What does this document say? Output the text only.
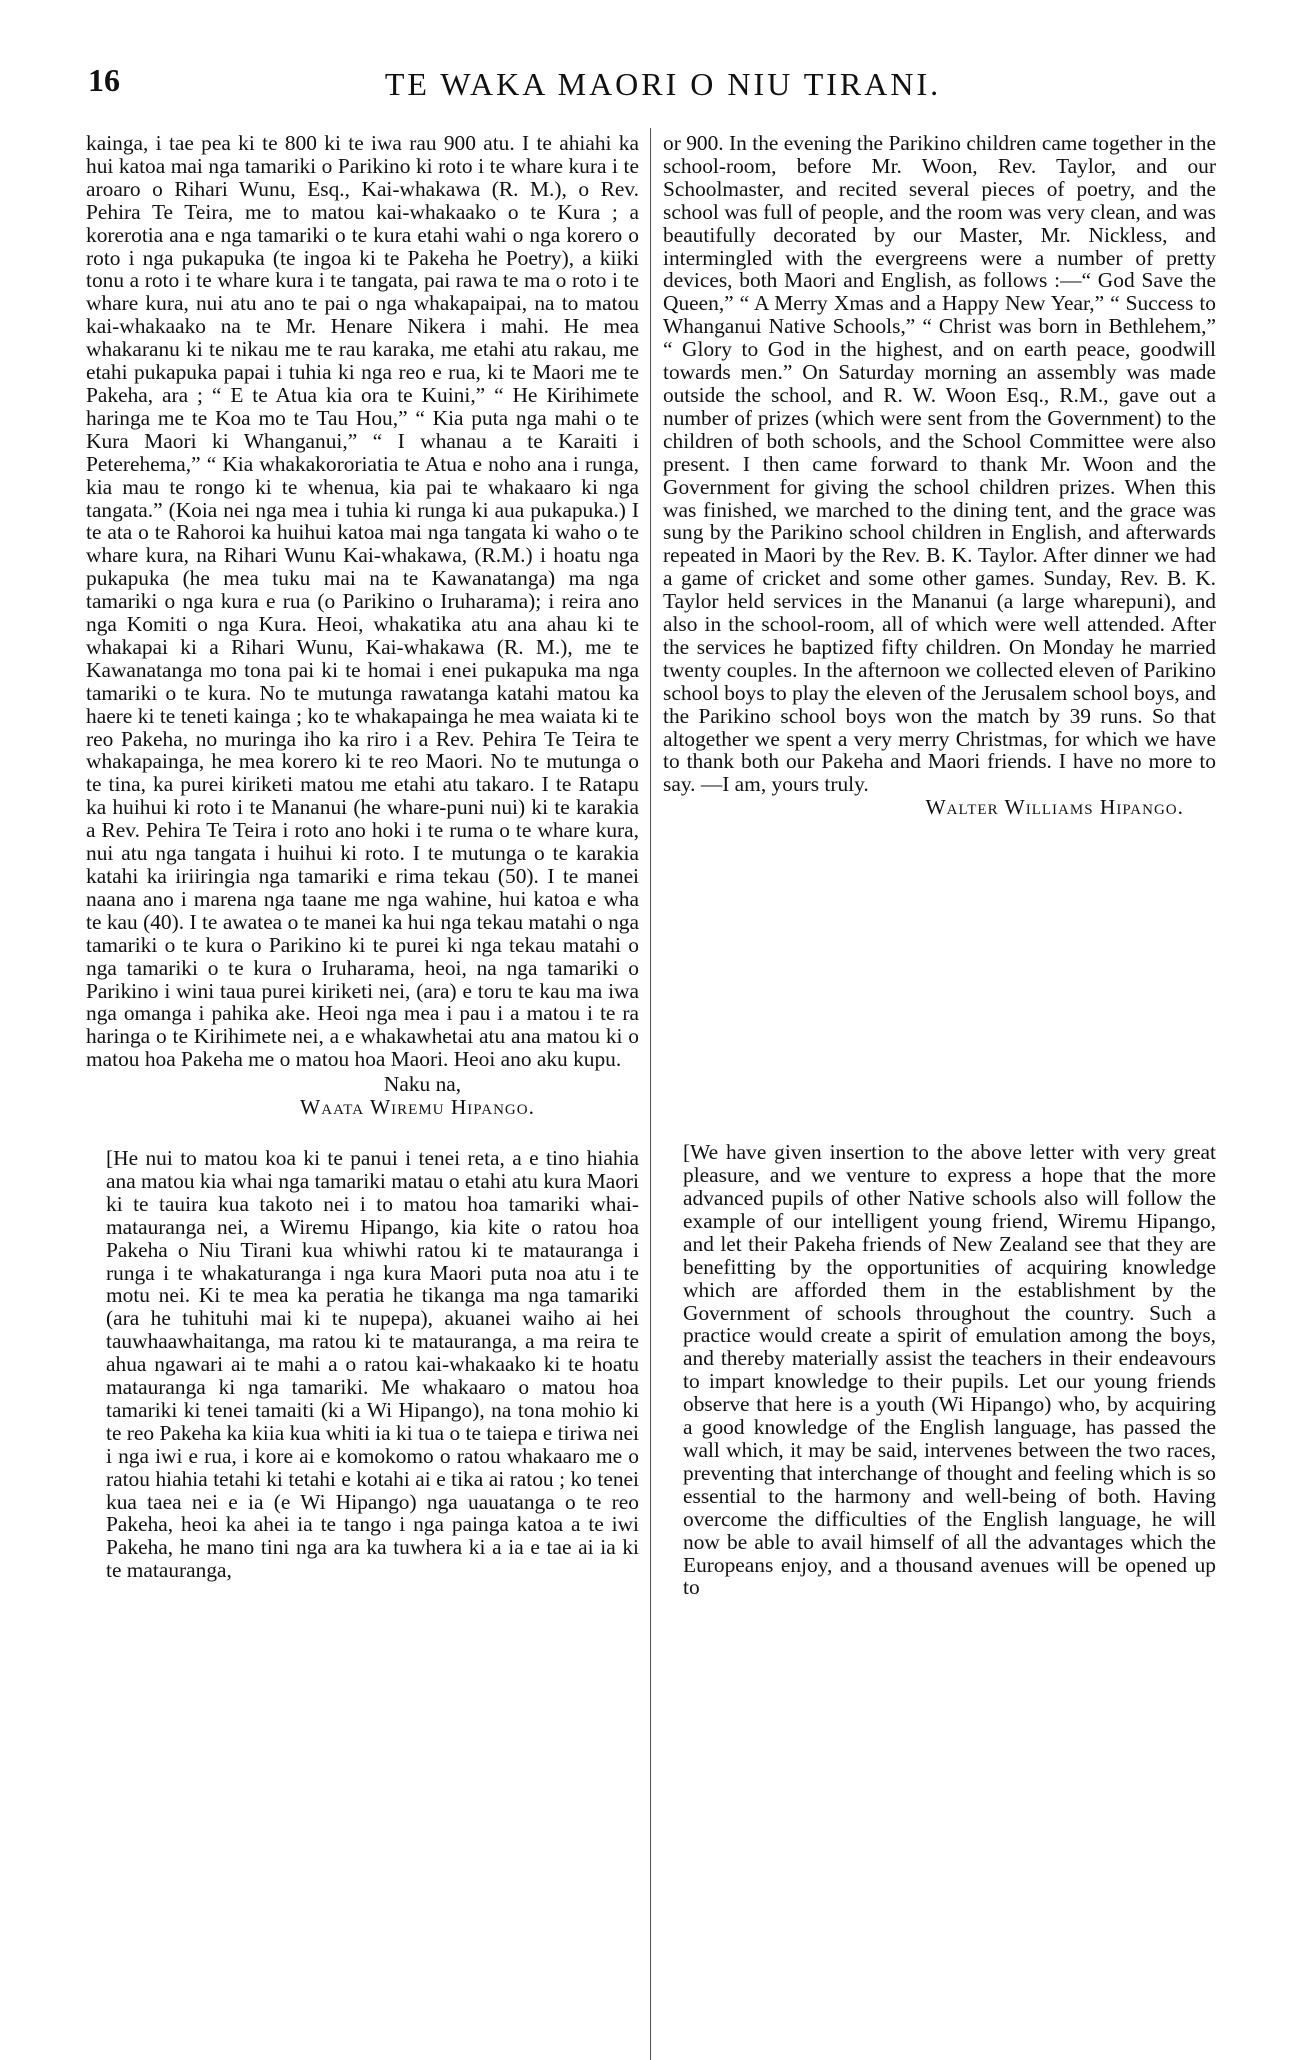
16	TE WAKA MAORI O NIU TIRANI.

kainga, i tae pea ki te 800 ki te iwa rau 900 atu. I te ahiahi ka hui katoa mai nga tamariki o Parikino ki roto i te whare kura i te aroaro o Rihari Wunu, Esq., Kai-whakawa (R. M.), o Rev. Pehira Te Teira, me to matou kai-whakaako o te Kura ; a korerotia ana e nga tamariki o te kura etahi wahi o nga korero o roto i nga pukapuka (te ingoa ki te Pakeha he Poetry), a kiiki tonu a roto i te whare kura i te tangata, pai rawa te ma o roto i te whare kura, nui atu ano te pai o nga whakapaipai, na to matou kai-whakaako na te Mr. Henare Nikera i mahi. He mea whakaranu ki te nikau me te rau karaka, me etahi atu rakau, me etahi pukapuka papai i tuhia ki nga reo e rua, ki te Maori me te Pakeha, ara ; “ E te Atua kia ora te Kuini,” “ He Kirihimete haringa me te Koa mo te Tau Hou,” “ Kia puta nga mahi o te Kura Maori ki Whanganui,” “ I whanau a te Karaiti i Peterehema,” “ Kia whakakororiatia te Atua e noho ana i runga, kia mau te rongo ki te whenua, kia pai te whakaaro ki nga tangata.” (Koia nei nga mea i tuhia ki runga ki aua pukapuka.) I te ata o te Rahoroi ka huihui katoa mai nga tangata ki waho o te whare kura, na Rihari Wunu Kai-whakawa, (R.M.) i hoatu nga pukapuka (he mea tuku mai na te Kawanatanga) ma nga tamariki o nga kura e rua (o Parikino o Iruharama); i reira ano nga Komiti o nga Kura. Heoi, whakatika atu ana ahau ki te whakapai ki a Rihari Wunu, Kai-whakawa (R. M.), me te Kawanatanga mo tona pai ki te homai i enei pukapuka ma nga tamariki o te kura. No te mutunga rawatanga katahi matou ka haere ki te teneti kainga ; ko te whakapainga he mea waiata ki te reo Pakeha, no muringa iho ka riro i a Rev. Pehira Te Teira te whakapainga, he mea korero ki te reo Maori. No te mutunga o te tina, ka purei kiriketi matou me etahi atu takaro. I te Ratapu ka huihui ki roto i te Mananui (he whare-puni nui) ki te karakia a Rev. Pehira Te Teira i roto ano hoki i te ruma o te whare kura, nui atu nga tangata i huihui ki roto. I te mutunga o te karakia katahi ka iriiringia nga tamariki e rima tekau (50). I te manei naana ano i marena nga taane me nga wahine, hui katoa e wha te kau (40). I te awatea o te manei ka hui nga tekau matahi o nga tamariki o te kura o Parikino ki te purei ki nga tekau matahi o nga tamariki o te kura o Iruharama, heoi, na nga tamariki o Parikino i wini taua purei kiriketi nei, (ara) e toru te kau ma iwa nga omanga i pahika ake. Heoi nga mea i pau i a matou i te ra haringa o te Kirihimete nei, a e whakawhetai atu ana matou ki o matou hoa Pakeha me o matou hoa Maori. Heoi ano aku kupu.

Naku na,

Waata Wiremu Hipango.

[He nui to matou koa ki te panui i tenei reta, a e tino hiahia ana matou kia whai nga tamariki matau o etahi atu kura Maori ki te tauira kua takoto nei i to matou hoa tamariki whai-matauranga nei, a Wiremu Hipango, kia kite o ratou hoa Pakeha o Niu Tirani kua whiwhi ratou ki te matauranga i runga i te whakaturanga i nga kura Maori puta noa atu i te motu nei. Ki te mea ka peratia he tikanga ma nga tamariki (ara he tuhituhi mai ki te nupepa), akuanei waiho ai hei tauwhaawhaitanga, ma ratou ki te matauranga, a ma reira te ahua ngawari ai te mahi a o ratou kai-whakaako ki te hoatu matauranga ki nga tamariki. Me whakaaro o matou hoa tamariki ki tenei tamaiti (ki a Wi Hipango), na tona mohio ki te reo Pakeha ka kiia kua whiti ia ki tua o te taiepa e tiriwa nei i nga iwi e rua, i kore ai e komokomo o ratou whakaaro me o ratou hiahia tetahi ki tetahi e kotahi ai e tika ai ratou ; ko tenei kua taea nei e ia (e Wi Hipango) nga uauatanga o te reo Pakeha, heoi ka ahei ia te tango i nga painga katoa a te iwi Pakeha, he mano tini nga ara ka tuwhera ki a ia e tae ai ia ki te matauranga,

or 900. In the evening the Parikino children came together in the school-room, before Mr. Woon, Rev. Taylor, and our Schoolmaster, and recited several pieces of poetry, and the school was full of people, and the room was very clean, and was beautifully decorated by our Master, Mr. Nickless, and intermingled with the evergreens were a number of pretty devices, both Maori and English, as follows :—“ God Save the Queen,” “ A Merry Xmas and a Happy New Year,” “ Success to Whanganui Native Schools,” “ Christ was born in Bethlehem,” “ Glory to God in the highest, and on earth peace, goodwill towards men.” On Saturday morning an assembly was made outside the school, and R. W. Woon Esq., R.M., gave out a number of prizes (which were sent from the Government) to the children of both schools, and the School Committee were also present. I then came forward to thank Mr. Woon and the Government for giving the school children prizes. When this was finished, we marched to the dining tent, and the grace was sung by the Parikino school children in English, and afterwards repeated in Maori by the Rev. B. K. Taylor. After dinner we had a game of cricket and some other games. Sunday, Rev. B. K. Taylor held services in the Mananui (a large wharepuni), and also in the school-room, all of which were well attended. After the services he baptized fifty children. On Monday he married twenty couples. In the afternoon we collected eleven of Parikino school boys to play the eleven of the Jerusalem school boys, and the Parikino school boys won the match by 39 runs. So that altogether we spent a very merry Christmas, for which we have to thank both our Pakeha and Maori friends. I have no more to say. —I am, yours truly.

Walter Williams Hipango.

[We have given insertion to the above letter with very great pleasure, and we venture to express a hope that the more advanced pupils of other Native schools also will follow the example of our intelligent young friend, Wiremu Hipango, and let their Pakeha friends of New Zealand see that they are benefitting by the opportunities of acquiring knowledge which are afforded them in the establishment by the Government of schools throughout the country. Such a practice would create a spirit of emulation among the boys, and thereby materially assist the teachers in their endeavours to impart knowledge to their pupils. Let our young friends observe that here is a youth (Wi Hipango) who, by acquiring a good knowledge of the English language, has passed the wall which, it may be said, intervenes between the two races, preventing that interchange of thought and feeling which is so essential to the harmony and well-being of both. Having overcome the difficulties of the English language, he will now be able to avail himself of all the advantages which the Europeans enjoy, and a thousand avenues will be opened up to
